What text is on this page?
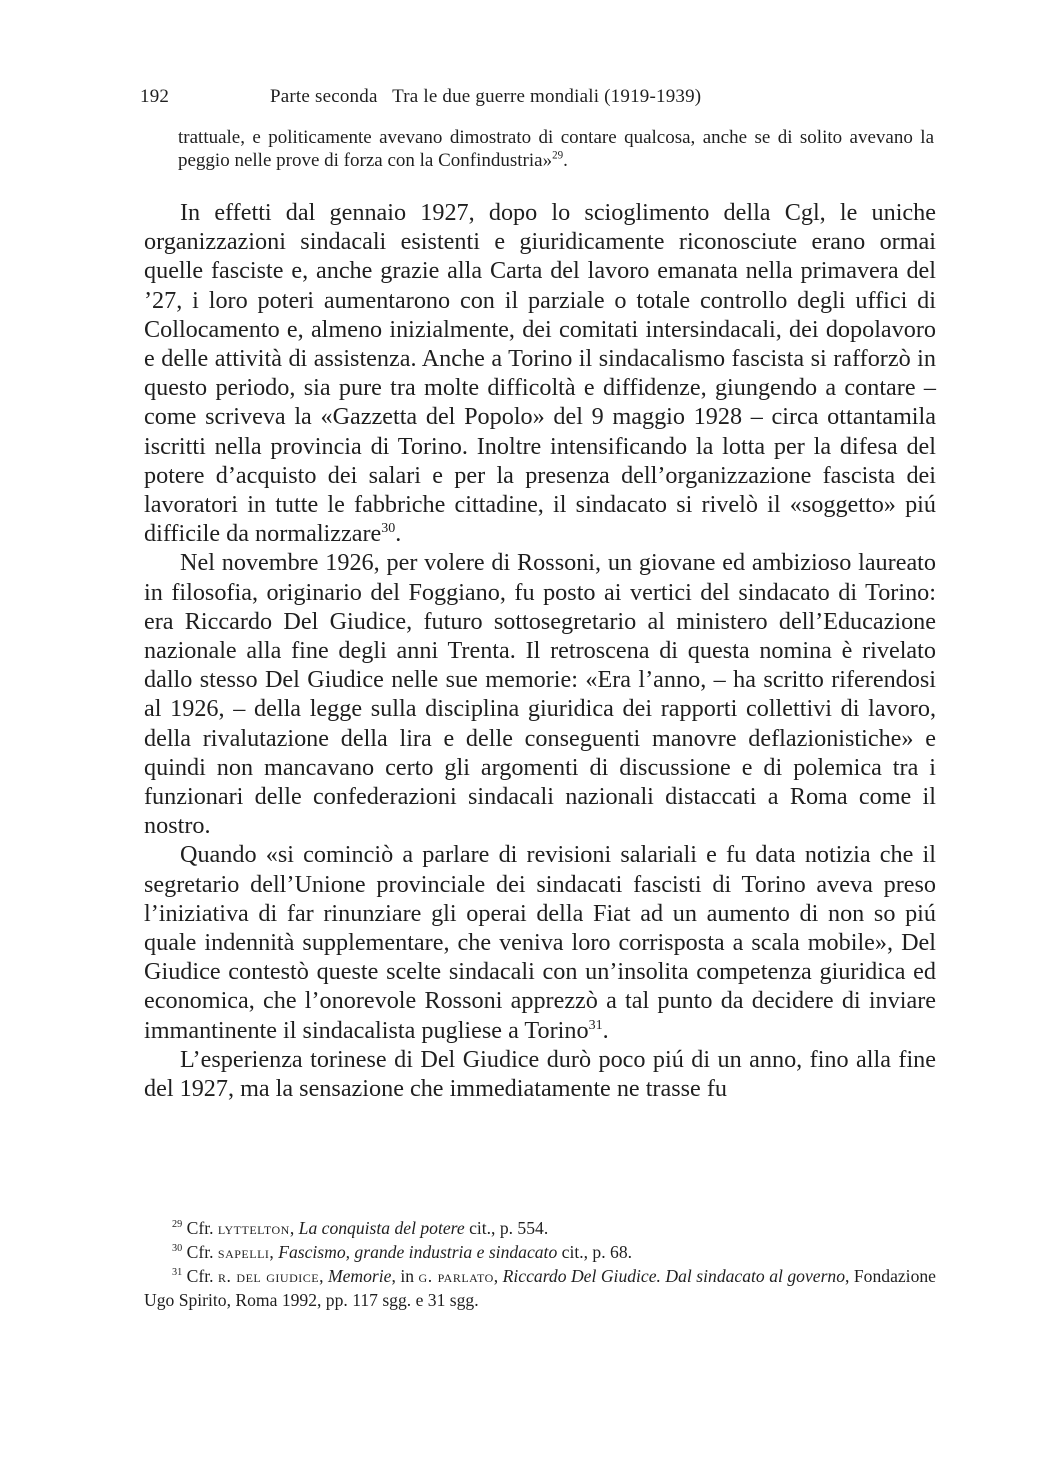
192	Parte seconda   Tra le due guerre mondiali (1919-1939)
trattuale, e politicamente avevano dimostrato di contare qualcosa, anche se di solito avevano la peggio nelle prove di forza con la Confindustria»$^{29}$.

In effetti dal gennaio 1927, dopo lo scioglimento della Cgl, le uniche organizzazioni sindacali esistenti e giuridicamente riconosciute erano ormai quelle fasciste e, anche grazie alla Carta del lavoro emanata nella primavera del ’27, i loro poteri aumentarono con il parziale o totale controllo degli uffici di Collocamento e, almeno inizialmente, dei comitati intersindacali, dei dopolavoro e delle attività di assistenza. Anche a Torino il sindacalismo fascista si rafforzò in questo periodo, sia pure tra molte difficoltà e diffidenze, giungendo a contare – come scriveva la «Gazzetta del Popolo» del 9 maggio 1928 – circa ottantamila iscritti nella provincia di Torino. Inoltre intensificando la lotta per la difesa del potere d’acquisto dei salari e per la presenza dell’organizzazione fascista dei lavoratori in tutte le fabbriche cittadine, il sindacato si rivelò il «soggetto» piú difficile da normalizzare$^{30}$.

Nel novembre 1926, per volere di Rossoni, un giovane ed ambizioso laureato in filosofia, originario del Foggiano, fu posto ai vertici del sindacato di Torino: era Riccardo Del Giudice, futuro sottosegretario al ministero dell’Educazione nazionale alla fine degli anni Trenta. Il retroscena di questa nomina è rivelato dallo stesso Del Giudice nelle sue memorie: «Era l’anno, – ha scritto riferendosi al 1926, – della legge sulla disciplina giuridica dei rapporti collettivi di lavoro, della rivalutazione della lira e delle conseguenti manovre deflazionistiche» e quindi non mancavano certo gli argomenti di discussione e di polemica tra i funzionari delle confederazioni sindacali nazionali distaccati a Roma come il nostro.

Quando «si cominciò a parlare di revisioni salariali e fu data notizia che il segretario dell’Unione provinciale dei sindacati fascisti di Torino aveva preso l’iniziativa di far rinunziare gli operai della Fiat ad un aumento di non so piú quale indennità supplementare, che veniva loro corrisposta a scala mobile», Del Giudice contestò queste scelte sindacali con un’insolita competenza giuridica ed economica, che l’onorevole Rossoni apprezzò a tal punto da decidere di inviare immantinente il sindacalista pugliese a Torino$^{31}$.

L’esperienza torinese di Del Giudice durò poco piú di un anno, fino alla fine del 1927, ma la sensazione che immediatamente ne trasse fu

$^{29}$ Cfr. lyttelton, La conquista del potere cit., p. 554.

$^{30}$ Cfr. sapelli, Fascismo, grande industria e sindacato cit., p. 68.

$^{31}$ Cfr. r. del giudice, Memorie, in g. parlato, Riccardo Del Giudice. Dal sindacato al governo, Fondazione Ugo Spirito, Roma 1992, pp. 117 sgg. e 31 sgg.
